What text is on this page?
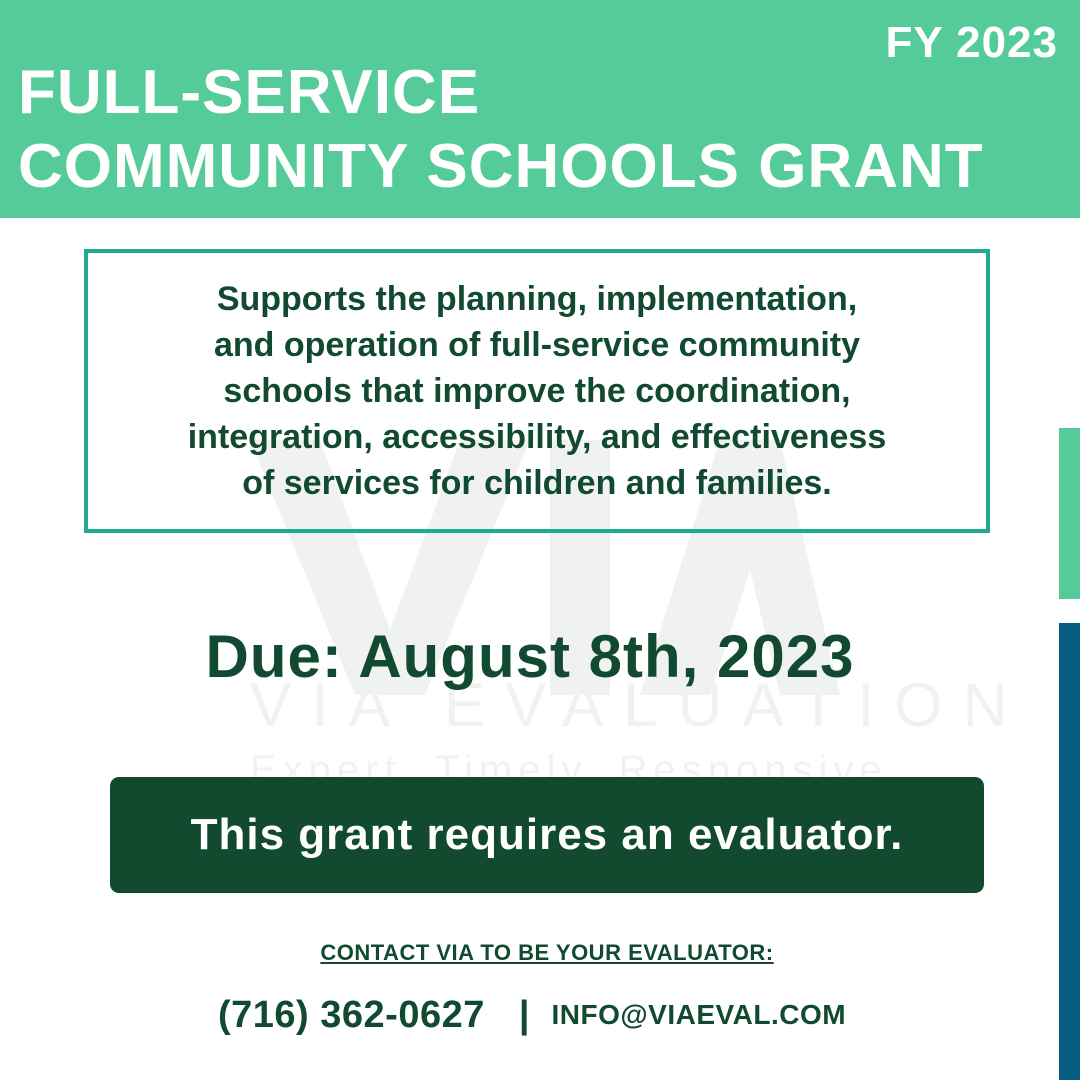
FY 2023
FULL-SERVICE
COMMUNITY SCHOOLS GRANT
VIA EVALUATION
Expert. Timely. Responsive.

Supports the planning, implementation,
and operation of full-service community
schools that improve the coordination,
integration, accessibility, and effectiveness
of services for children and families.

Due: August 8th, 2023
This grant requires an evaluator.
CONTACT VIA TO BE YOUR EVALUATOR:
(716) 362-0627 | INFO@VIAEVAL.COM
